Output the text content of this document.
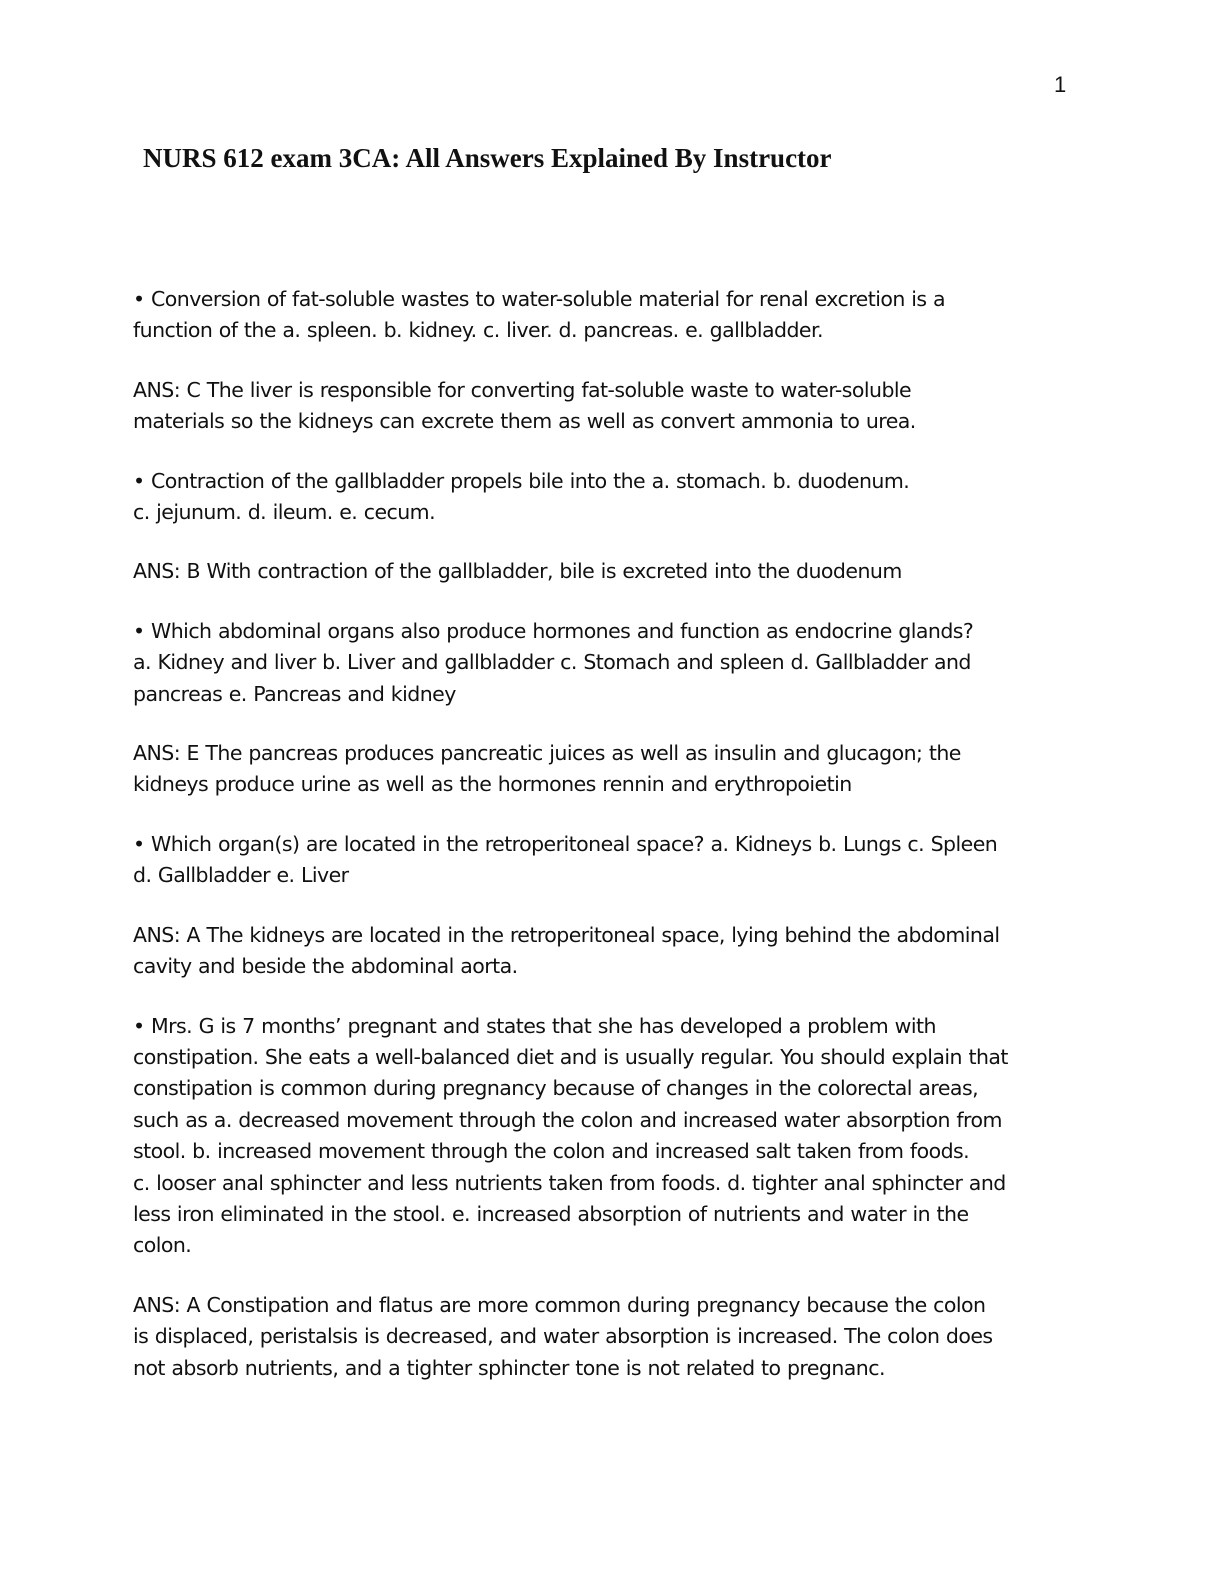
1
NURS 612 exam 3CA: All Answers Explained By Instructor

• Conversion of fat-soluble wastes to water-soluble material for renal excretion is a
function of the a. spleen. b. kidney. c. liver. d. pancreas. e. gallbladder.

ANS: C The liver is responsible for converting fat-soluble waste to water-soluble
materials so the kidneys can excrete them as well as convert ammonia to urea.

• Contraction of the gallbladder propels bile into the a. stomach. b. duodenum.
c. jejunum. d. ileum. e. cecum.

ANS: B With contraction of the gallbladder, bile is excreted into the duodenum

• Which abdominal organs also produce hormones and function as endocrine glands?
a. Kidney and liver b. Liver and gallbladder c. Stomach and spleen d. Gallbladder and
pancreas e. Pancreas and kidney

ANS: E The pancreas produces pancreatic juices as well as insulin and glucagon; the
kidneys produce urine as well as the hormones rennin and erythropoietin

• Which organ(s) are located in the retroperitoneal space? a. Kidneys b. Lungs c. Spleen
d. Gallbladder e. Liver

ANS: A The kidneys are located in the retroperitoneal space, lying behind the abdominal
cavity and beside the abdominal aorta.

• Mrs. G is 7 months’ pregnant and states that she has developed a problem with
constipation. She eats a well-balanced diet and is usually regular. You should explain that
constipation is common during pregnancy because of changes in the colorectal areas,
such as a. decreased movement through the colon and increased water absorption from
stool. b. increased movement through the colon and increased salt taken from foods.
c. looser anal sphincter and less nutrients taken from foods. d. tighter anal sphincter and
less iron eliminated in the stool. e. increased absorption of nutrients and water in the
colon.

ANS: A Constipation and flatus are more common during pregnancy because the colon
is displaced, peristalsis is decreased, and water absorption is increased. The colon does
not absorb nutrients, and a tighter sphincter tone is not related to pregnanc.
